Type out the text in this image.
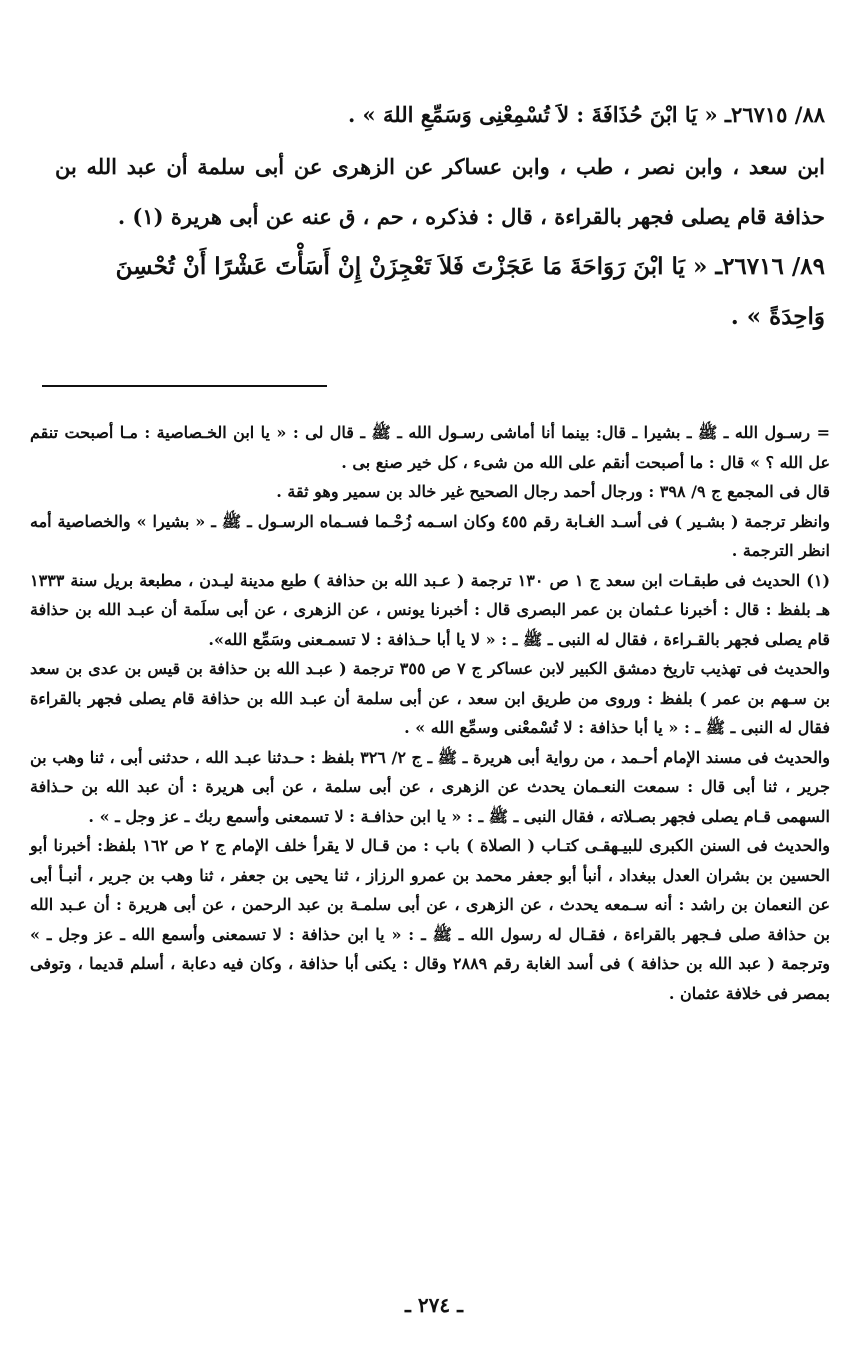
٨٨/ ٢٦٧١٥ـ « يَا ابْنَ حُذَافَةَ : لاَ تُسْمِعْنِى وَسَمِّعِ اللهَ » .

ابن سعد ، وابن نصر ، طب ، وابن عساكر عن الزهرى عن أبى سلمة أن عبد الله بن حذافة قام يصلى فجهر بالقراءة ، قال : فذكره ، حم ، ق عنه عن أبى هريرة (١) .

٨٩/ ٢٦٧١٦ـ « يَا ابْنَ رَوَاحَةَ مَا عَجَزْتَ فَلاَ تَعْجِزَنْ إِنْ أَسَأْتَ عَشْرًا أَنْ تُحْسِنَ

وَاحِدَةً » .

= رسـول الله ـ ﷺ ـ بشيرا ـ قال: بينما أنا أماشى رسـول الله ـ ﷺ ـ قال لى : « يا ابن الخـصاصية : مـا أصبحت تنقم عل الله ؟ » قال : ما أصبحت أنقم على الله من شىء ، كل خير صنع بى .

قال فى المجمع ج ٩/ ٣٩٨ : ورجال أحمد رجال الصحيح غير خالد بن سمير وهو ثقة .

وانظر ترجمة ( بشـير ) فى أسـد الغـابة رقم ٤٥٥ وكان اسـمه زُحْـما فسـماه الرسـول ـ ﷺ ـ « بشيرا » والخصاصية أمه انظر الترجمة .

(١) الحديث فى طبقـات ابن سعد ج ١ ص ١٣٠ ترجمة ( عـبد الله بن حذافة ) طبع مدينة ليـدن ، مطبعة بريل سنة ١٣٣٣ هـ بلفظ : قال : أخبرنا عـثمان بن عمر البصرى قال : أخبرنا يونس ، عن الزهرى ، عن أبى سلَمة أن عبـد الله بن حذافة قام يصلى فجهر بالقـراءة ، فقال له النبى ـ ﷺ ـ : « لا يا أبا حـذافة : لا تسمـعنى وسَمِّع الله».

والحديث فى تهذيب تاريخ دمشق الكبير لابن عساكر ج ٧ ص ٣٥٥ ترجمة ( عبـد الله بن حذافة بن قيس بن عدى بن سعد بن سـهم بن عمر ) بلفظ : وروى من طريق ابن سعد ، عن أبى سلمة أن عبـد الله بن حذافة قام يصلى فجهر بالقراءة فقال له النبى ـ ﷺ ـ : « يا أبا حذافة : لا تُسْمعْنى وسمِّع الله » .

والحديث فى مسند الإمام أحـمد ، من رواية أبى هريرة ـ ﷺ ـ ج ٢/ ٣٢٦ بلفظ : حـدثنا عبـد الله ، حدثنى أبى ، ثنا وهب بن جرير ، ثنا أبى قال : سمعت النعـمان يحدث عن الزهرى ، عن أبى سلمة ، عن أبى هريرة : أن عبد الله بن حـذافة السهمى قـام يصلى فجهر بصـلاته ، فقال النبى ـ ﷺ ـ : « يا ابن حذافـة : لا تسمعنى وأسمع ربك ـ عز وجل ـ » .

والحديث فى السنن الكبرى للبيـهقـى كتـاب ( الصلاة ) باب : من قـال لا يقرأ خلف الإمام ج ٢ ص ١٦٢ بلفظ: أخبرنا أبو الحسين بن بشران العدل ببغداد ، أنبأ أبو جعفر محمد بن عمرو الرزاز ، ثنا يحيى بن جعفر ، ثنا وهب بن جرير ، أنبـأ أبى عن النعمان بن راشد : أنه سـمعه يحدث ، عن الزهرى ، عن أبى سلمـة بن عبد الرحمن ، عن أبى هريرة : أن عـبد الله بن حذافة صلى فـجهر بالقراءة ، فقـال له رسول الله ـ ﷺ ـ : « يا ابن حذافة : لا تسمعنى وأسمع الله ـ عز وجل ـ » وترجمة ( عبد الله بن حذافة ) فى أسد الغابة رقم ٢٨٨٩ وقال : يكنى أبا حذافة ، وكان فيه دعابة ، أسلم قديما ، وتوفى بمصر فى خلافة عثمان .

ـ ٢٧٤ ـ
